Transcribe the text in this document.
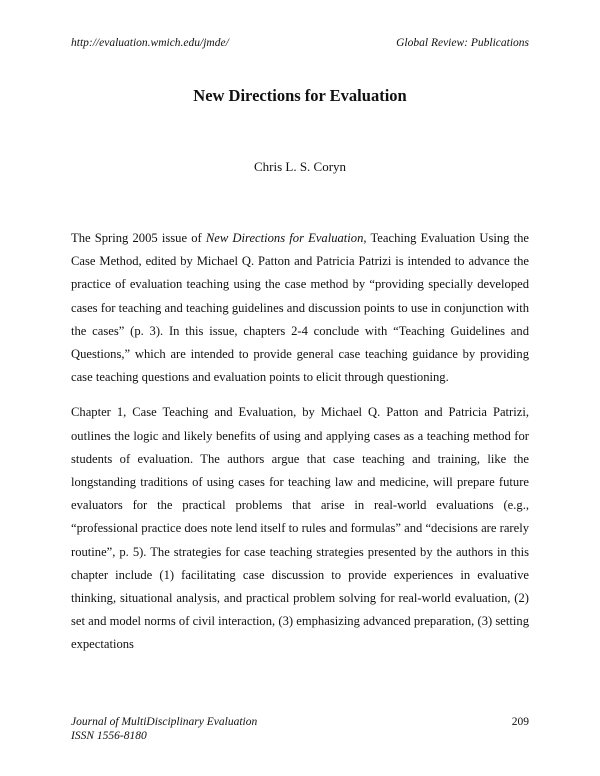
http://evaluation.wmich.edu/jmde/	Global Review: Publications
New Directions for Evaluation
Chris L. S. Coryn

The Spring 2005 issue of New Directions for Evaluation, Teaching Evaluation Using the Case Method, edited by Michael Q. Patton and Patricia Patrizi is intended to advance the practice of evaluation teaching using the case method by “providing specially developed cases for teaching and teaching guidelines and discussion points to use in conjunction with the cases” (p. 3). In this issue, chapters 2-4 conclude with “Teaching Guidelines and Questions,” which are intended to provide general case teaching guidance by providing case teaching questions and evaluation points to elicit through questioning.

Chapter 1, Case Teaching and Evaluation, by Michael Q. Patton and Patricia Patrizi, outlines the logic and likely benefits of using and applying cases as a teaching method for students of evaluation. The authors argue that case teaching and training, like the longstanding traditions of using cases for teaching law and medicine, will prepare future evaluators for the practical problems that arise in real-world evaluations (e.g., “professional practice does note lend itself to rules and formulas” and “decisions are rarely routine”, p. 5). The strategies for case teaching strategies presented by the authors in this chapter include (1) facilitating case discussion to provide experiences in evaluative thinking, situational analysis, and practical problem solving for real-world evaluation, (2) set and model norms of civil interaction, (3) emphasizing advanced preparation, (3) setting expectations

Journal of MultiDisciplinary Evaluation
ISSN 1556-8180
209
